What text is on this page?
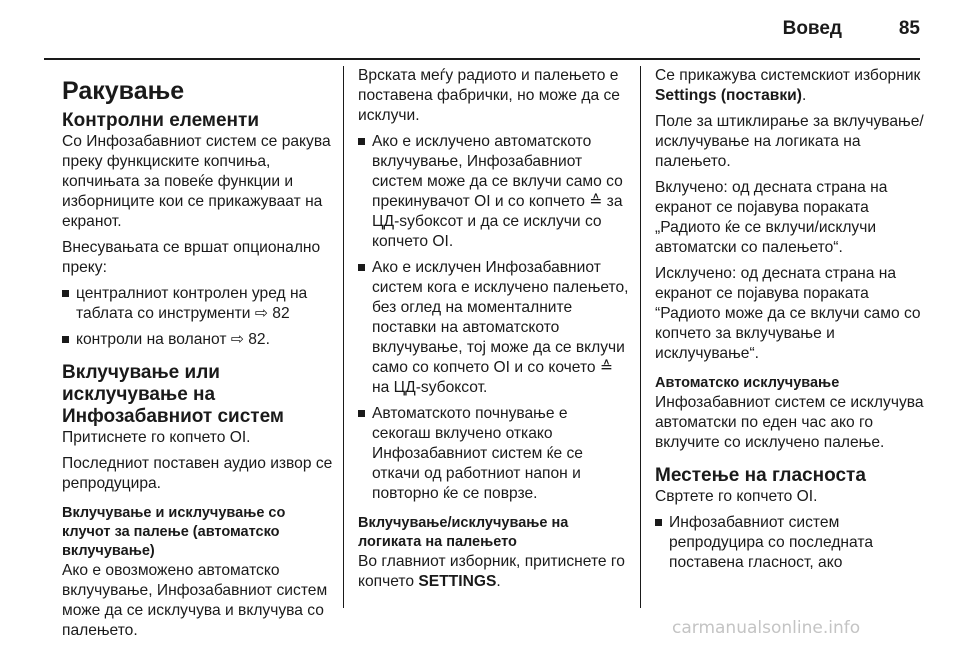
Вовед	85
Ракување
Контролни елементи

Со Инфозабавниот систем се ракува преку функциските копчиња, копчињата за повеќе функции и изборниците кои се прикажуваат на екранот.

Внесувањата се вршат опционално преку:

централниот контролен уред на таблата со инструменти ⇨ 82
контроли на воланот ⇨ 82.
Вклучување или исклучување на Инфозабавниот систем

Притиснете го копчето OI.

Последниот поставен аудио извор се репродуцира.

Вклучување и исклучување со клучот за палење (автоматско вклучување)

Ако е овозможено автоматско вклучување, Инфозабавниот систем може да се исклучува и вклучува со палењето.

Врската меѓу радиото и палењето е поставена фабрички, но може да се исклучи.

Ако е исклучено автоматското вклучување, Инфозабавниот систем може да се вклучи само со прекинувачот OI и со копчето ≙ за ЦД-ѕубоксот и да се исклучи со копчето OI.
Ако е исклучен Инфозабавниот систем кога е исклучено палењето, без оглед на моменталните поставки на автоматското вклучување, тој може да се вклучи само со копчето OI и со кочето ≙ на ЦД-ѕубоксот.
Автоматското почнување е секогаш вклучено откако Инфозабавниот систем ќе се откачи од работниот напон и повторно ќе се поврзе.
Вклучување/исклучување на логиката на палењето

Во главниот изборник, притиснете го копчето SETTINGS.

Се прикажува системскиот изборник Settings (поставки).

Поле за штиклирање за вклучување/исклучување на логиката на палењето.

Вклучено: од десната страна на екранот се појавува пораката „Радиото ќе се вклучи/исклучи автоматски со палењето“.

Исклучено: од десната страна на екранот се појавува пораката “Радиото може да се вклучи само со копчето за вклучување и исклучување“.

Автоматско исклучување

Инфозабавниот систем се исклучува автоматски по еден час ако го вклучите со исклучено палење.

Местење на гласноста

Свртете го копчето OI.

Инфозабавниот систем репродуцира со последната поставена гласност, ако
carmanualsonline.info
